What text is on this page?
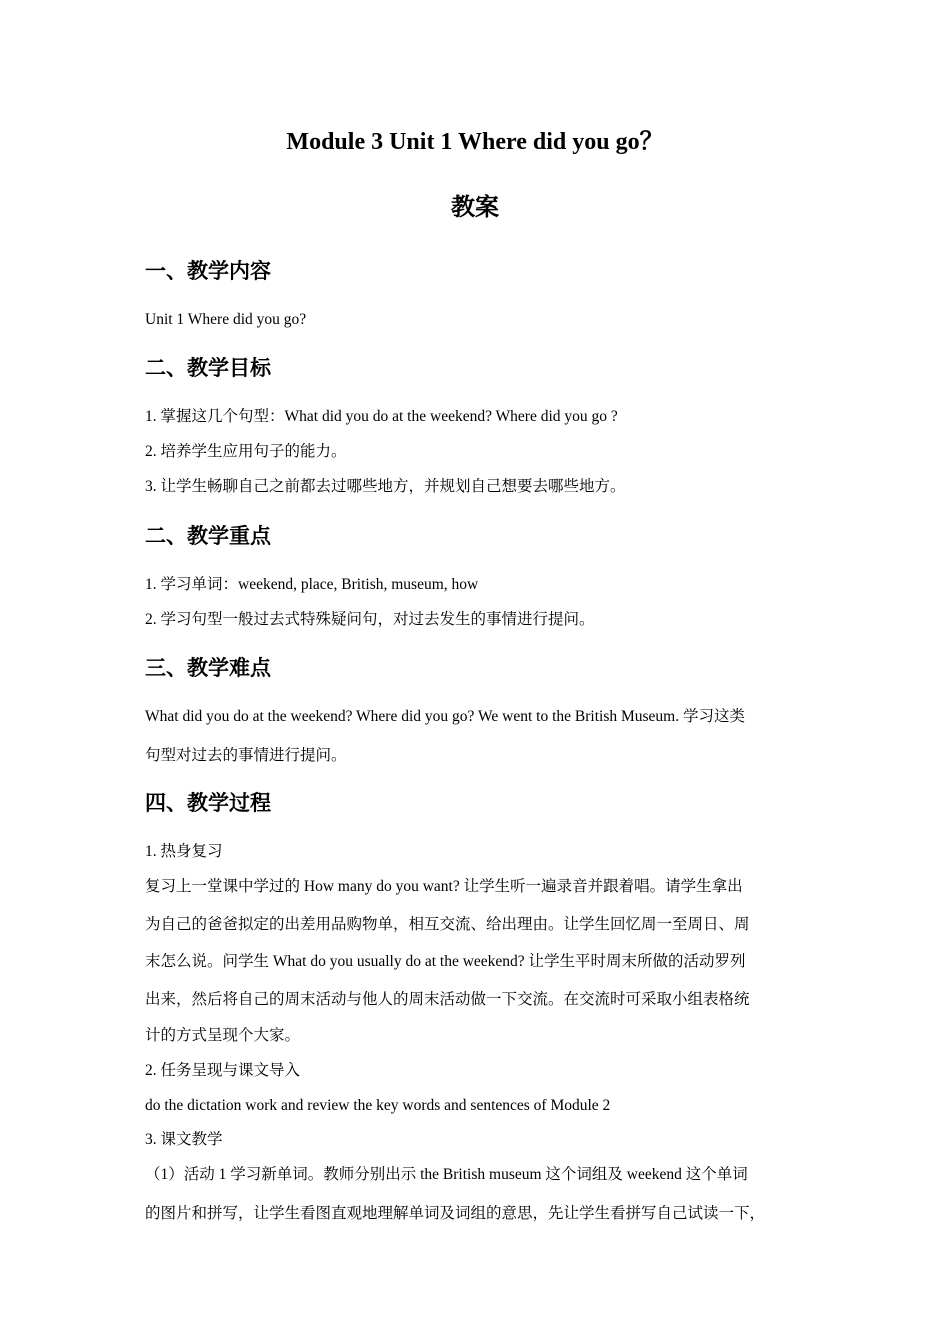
Module 3 Unit 1 Where did you go？
教案
一、教学内容

Unit 1 Where did you go?

二、教学目标

1. 掌握这几个句型：What did you do at the weekend? Where did you go ?

2. 培养学生应用句子的能力。

3. 让学生畅聊自己之前都去过哪些地方，并规划自己想要去哪些地方。

二、教学重点

1. 学习单词：weekend, place, British, museum, how

2. 学习句型一般过去式特殊疑问句，对过去发生的事情进行提问。

三、教学难点

What did you do at the weekend? Where did you go? We went to the British Museum. 学习这类

句型对过去的事情进行提问。

四、教学过程

1. 热身复习

复习上一堂课中学过的 How many do you want? 让学生听一遍录音并跟着唱。请学生拿出

为自己的爸爸拟定的出差用品购物单，相互交流、给出理由。让学生回忆周一至周日、周

末怎么说。问学生 What do you usually do at the weekend? 让学生平时周末所做的活动罗列

出来，然后将自己的周末活动与他人的周末活动做一下交流。在交流时可采取小组表格统

计的方式呈现个大家。

2. 任务呈现与课文导入

do the dictation work and review the key words and sentences of Module 2

3. 课文教学

（1）活动 1 学习新单词。教师分别出示 the British museum 这个词组及 weekend 这个单词

的图片和拼写，让学生看图直观地理解单词及词组的意思，先让学生看拼写自己试读一下，
